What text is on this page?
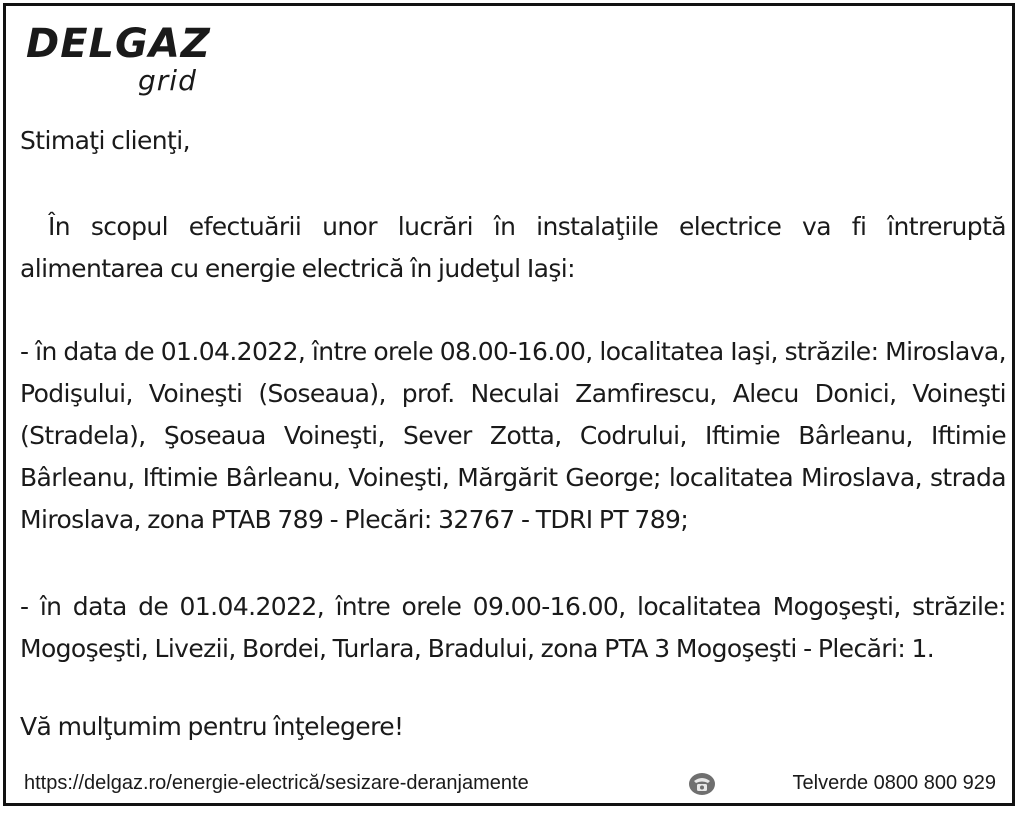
DELGAZ
grid
Stimaţi clienţi,
În scopul efectuării unor lucrări în instalaţiile electrice va fi întreruptă alimentarea cu energie electrică în judeţul Iaşi:
- în data de 01.04.2022, între orele 08.00-16.00, localitatea Iaşi, străzile: Miroslava, Podişului, Voineşti (Soseaua), prof. Neculai Zamfirescu, Alecu Donici, Voineşti (Stradela), Şoseaua Voineşti, Sever Zotta, Codrului, Iftimie Bârleanu, Iftimie Bârleanu, Iftimie Bârleanu, Voineşti, Mărgărit George; localitatea Miroslava, strada Miroslava, zona PTAB 789 - Plecări: 32767 - TDRI PT 789;
- în data de 01.04.2022, între orele 09.00-16.00, localitatea Mogoşeşti, străzile: Mogoşeşti, Livezii, Bordei, Turlara, Bradului, zona PTA 3 Mogoşeşti - Plecări: 1.
Vă mulţumim pentru înţelegere!
https://delgaz.ro/energie-electrică/sesizare-deranjamente	Telverde 0800 800 929
